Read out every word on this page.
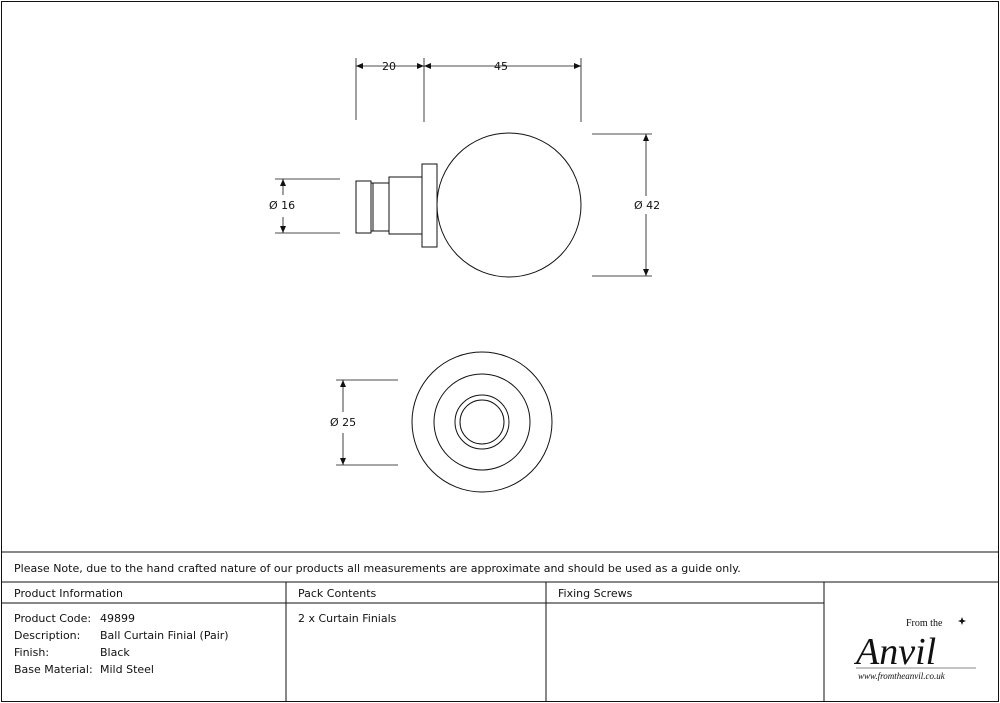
20	45
Ø 16	Ø 42
Ø 25
Please Note, due to the hand crafted nature of our products all measurements are approximate and should be used as a guide only.
Product Information	Pack Contents	Fixing Screws
Product Code: 49899
Description: Ball Curtain Finial (Pair)
Finish:	Black
Base Material: Mild Steel
2 x Curtain Finials	From the
Anvil
www.fromtheanvil.co.uk
